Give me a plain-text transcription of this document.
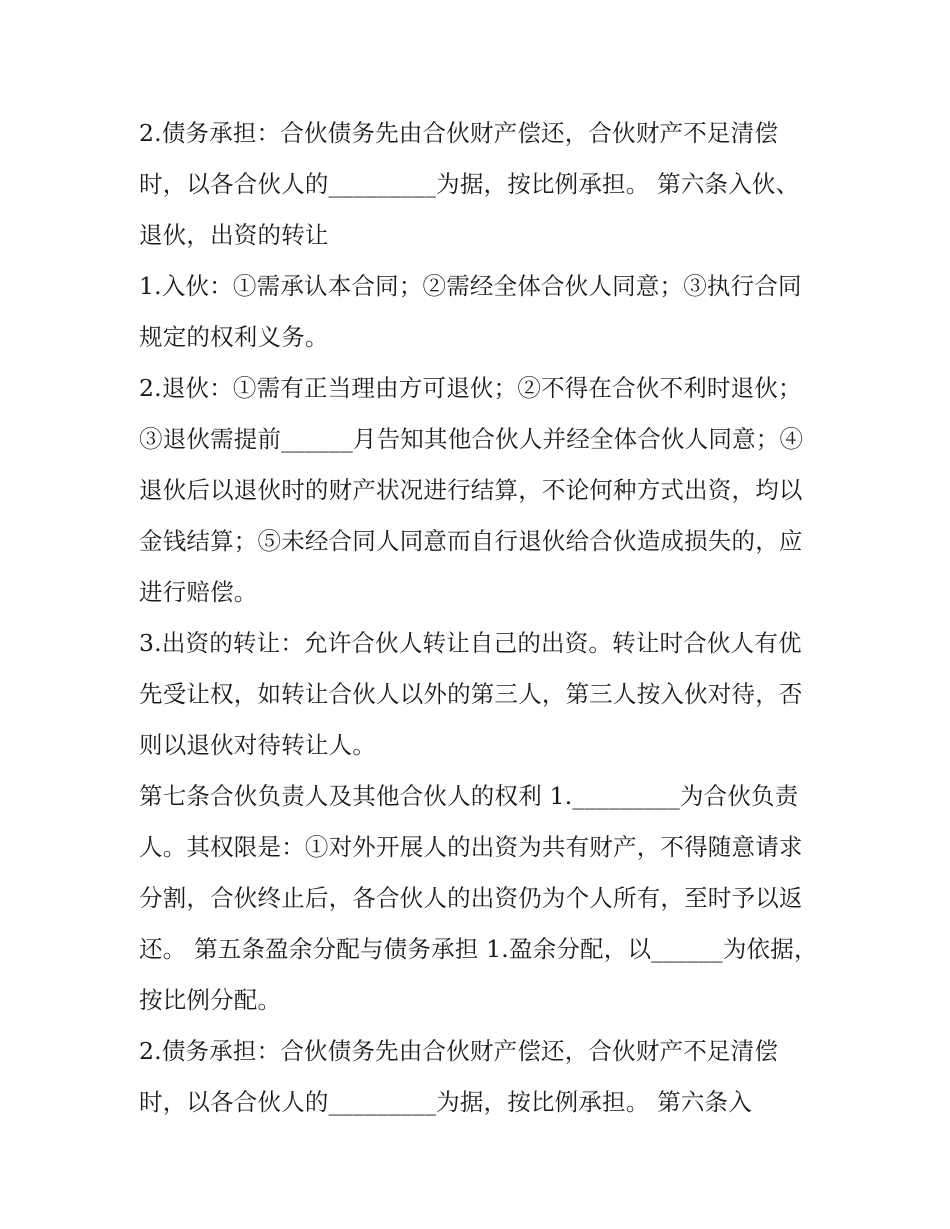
2.债务承担：合伙债务先由合伙财产偿还，合伙财产不足清偿时，以各合伙人的_________为据，按比例承担。 第六条入伙、退伙，出资的转让

1.入伙：①需承认本合同；②需经全体合伙人同意；③执行合同规定的权利义务。

2.退伙：①需有正当理由方可退伙；②不得在合伙不利时退伙；③退伙需提前______月告知其他合伙人并经全体合伙人同意；④退伙后以退伙时的财产状况进行结算，不论何种方式出资，均以金钱结算；⑤未经合同人同意而自行退伙给合伙造成损失的，应进行赔偿。

3.出资的转让：允许合伙人转让自己的出资。转让时合伙人有优先受让权，如转让合伙人以外的第三人，第三人按入伙对待，否则以退伙对待转让人。

第七条合伙负责人及其他合伙人的权利 1._________为合伙负责人。其权限是：①对外开展人的出资为共有财产，不得随意请求分割，合伙终止后，各合伙人的出资仍为个人所有，至时予以返还。 第五条盈余分配与债务承担 1.盈余分配，以______为依据，按比例分配。

2.债务承担：合伙债务先由合伙财产偿还，合伙财产不足清偿时，以各合伙人的_________为据，按比例承担。 第六条入
